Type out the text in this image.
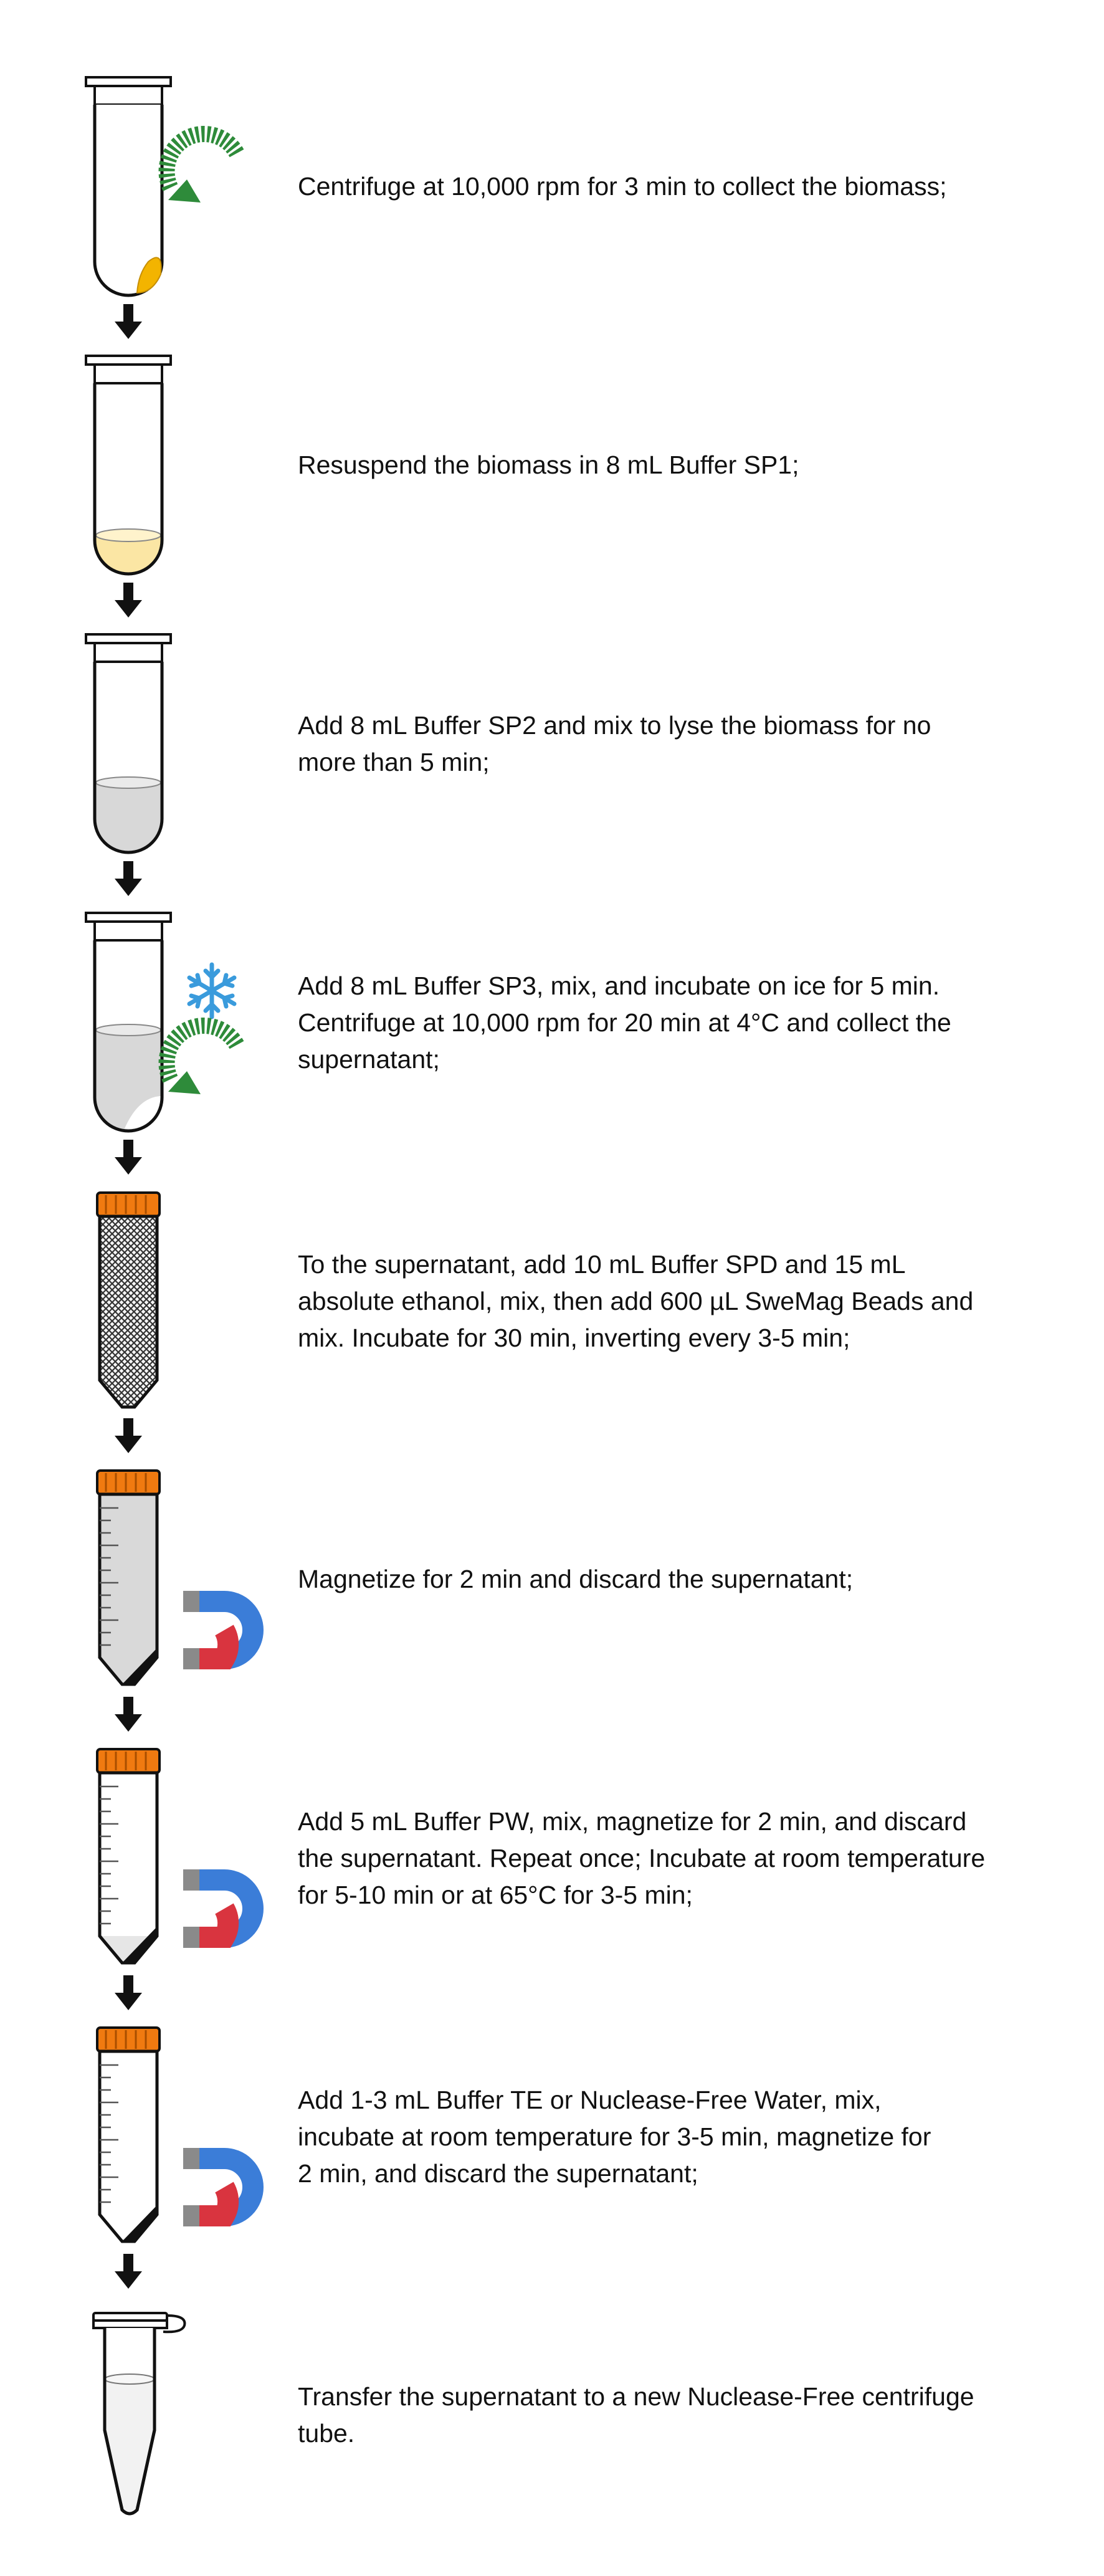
Centrifuge at 10,000 rpm for 3 min to collect the biomass;
Resuspend the biomass in 8 mL Buffer SP1;
Add 8 mL Buffer SP2 and mix to lyse the biomass for no
more than 5 min;
Add 8 mL Buffer SP3, mix, and incubate on ice for 5 min.
Centrifuge at 10,000 rpm for 20 min at 4°C and collect the
supernatant;
To the supernatant, add 10 mL Buffer SPD and 15 mL
absolute ethanol, mix, then add 600 µL SweMag Beads and
mix. Incubate for 30 min, inverting every 3-5 min;
Magnetize for 2 min and discard the supernatant;
Add 5 mL Buffer PW, mix, magnetize for 2 min, and discard
the supernatant. Repeat once; Incubate at room temperature
for 5-10 min or at 65°C for 3-5 min;
Add 1-3 mL Buffer TE or Nuclease-Free Water, mix,
incubate at room temperature for 3-5 min, magnetize for
2 min, and discard the supernatant;
Transfer the supernatant to a new Nuclease-Free centrifuge
tube.
